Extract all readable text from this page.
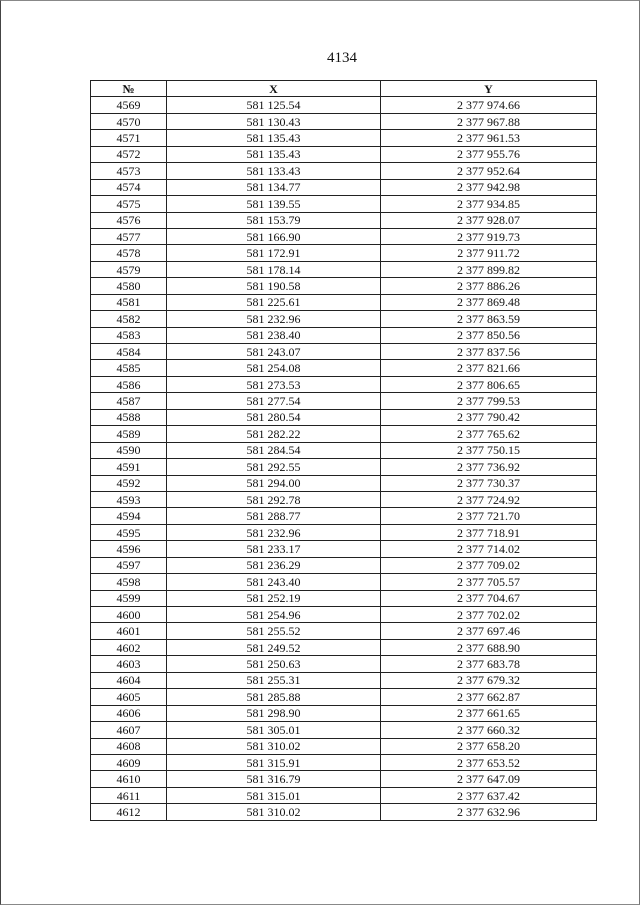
4134
№	X	Y
4569	581 125.54	2 377 974.66
4570	581 130.43	2 377 967.88
4571	581 135.43	2 377 961.53
4572	581 135.43	2 377 955.76
4573	581 133.43	2 377 952.64
4574	581 134.77	2 377 942.98
4575	581 139.55	2 377 934.85
4576	581 153.79	2 377 928.07
4577	581 166.90	2 377 919.73
4578	581 172.91	2 377 911.72
4579	581 178.14	2 377 899.82
4580	581 190.58	2 377 886.26
4581	581 225.61	2 377 869.48
4582	581 232.96	2 377 863.59
4583	581 238.40	2 377 850.56
4584	581 243.07	2 377 837.56
4585	581 254.08	2 377 821.66
4586	581 273.53	2 377 806.65
4587	581 277.54	2 377 799.53
4588	581 280.54	2 377 790.42
4589	581 282.22	2 377 765.62
4590	581 284.54	2 377 750.15
4591	581 292.55	2 377 736.92
4592	581 294.00	2 377 730.37
4593	581 292.78	2 377 724.92
4594	581 288.77	2 377 721.70
4595	581 232.96	2 377 718.91
4596	581 233.17	2 377 714.02
4597	581 236.29	2 377 709.02
4598	581 243.40	2 377 705.57
4599	581 252.19	2 377 704.67
4600	581 254.96	2 377 702.02
4601	581 255.52	2 377 697.46
4602	581 249.52	2 377 688.90
4603	581 250.63	2 377 683.78
4604	581 255.31	2 377 679.32
4605	581 285.88	2 377 662.87
4606	581 298.90	2 377 661.65
4607	581 305.01	2 377 660.32
4608	581 310.02	2 377 658.20
4609	581 315.91	2 377 653.52
4610	581 316.79	2 377 647.09
4611	581 315.01	2 377 637.42
4612	581 310.02	2 377 632.96
